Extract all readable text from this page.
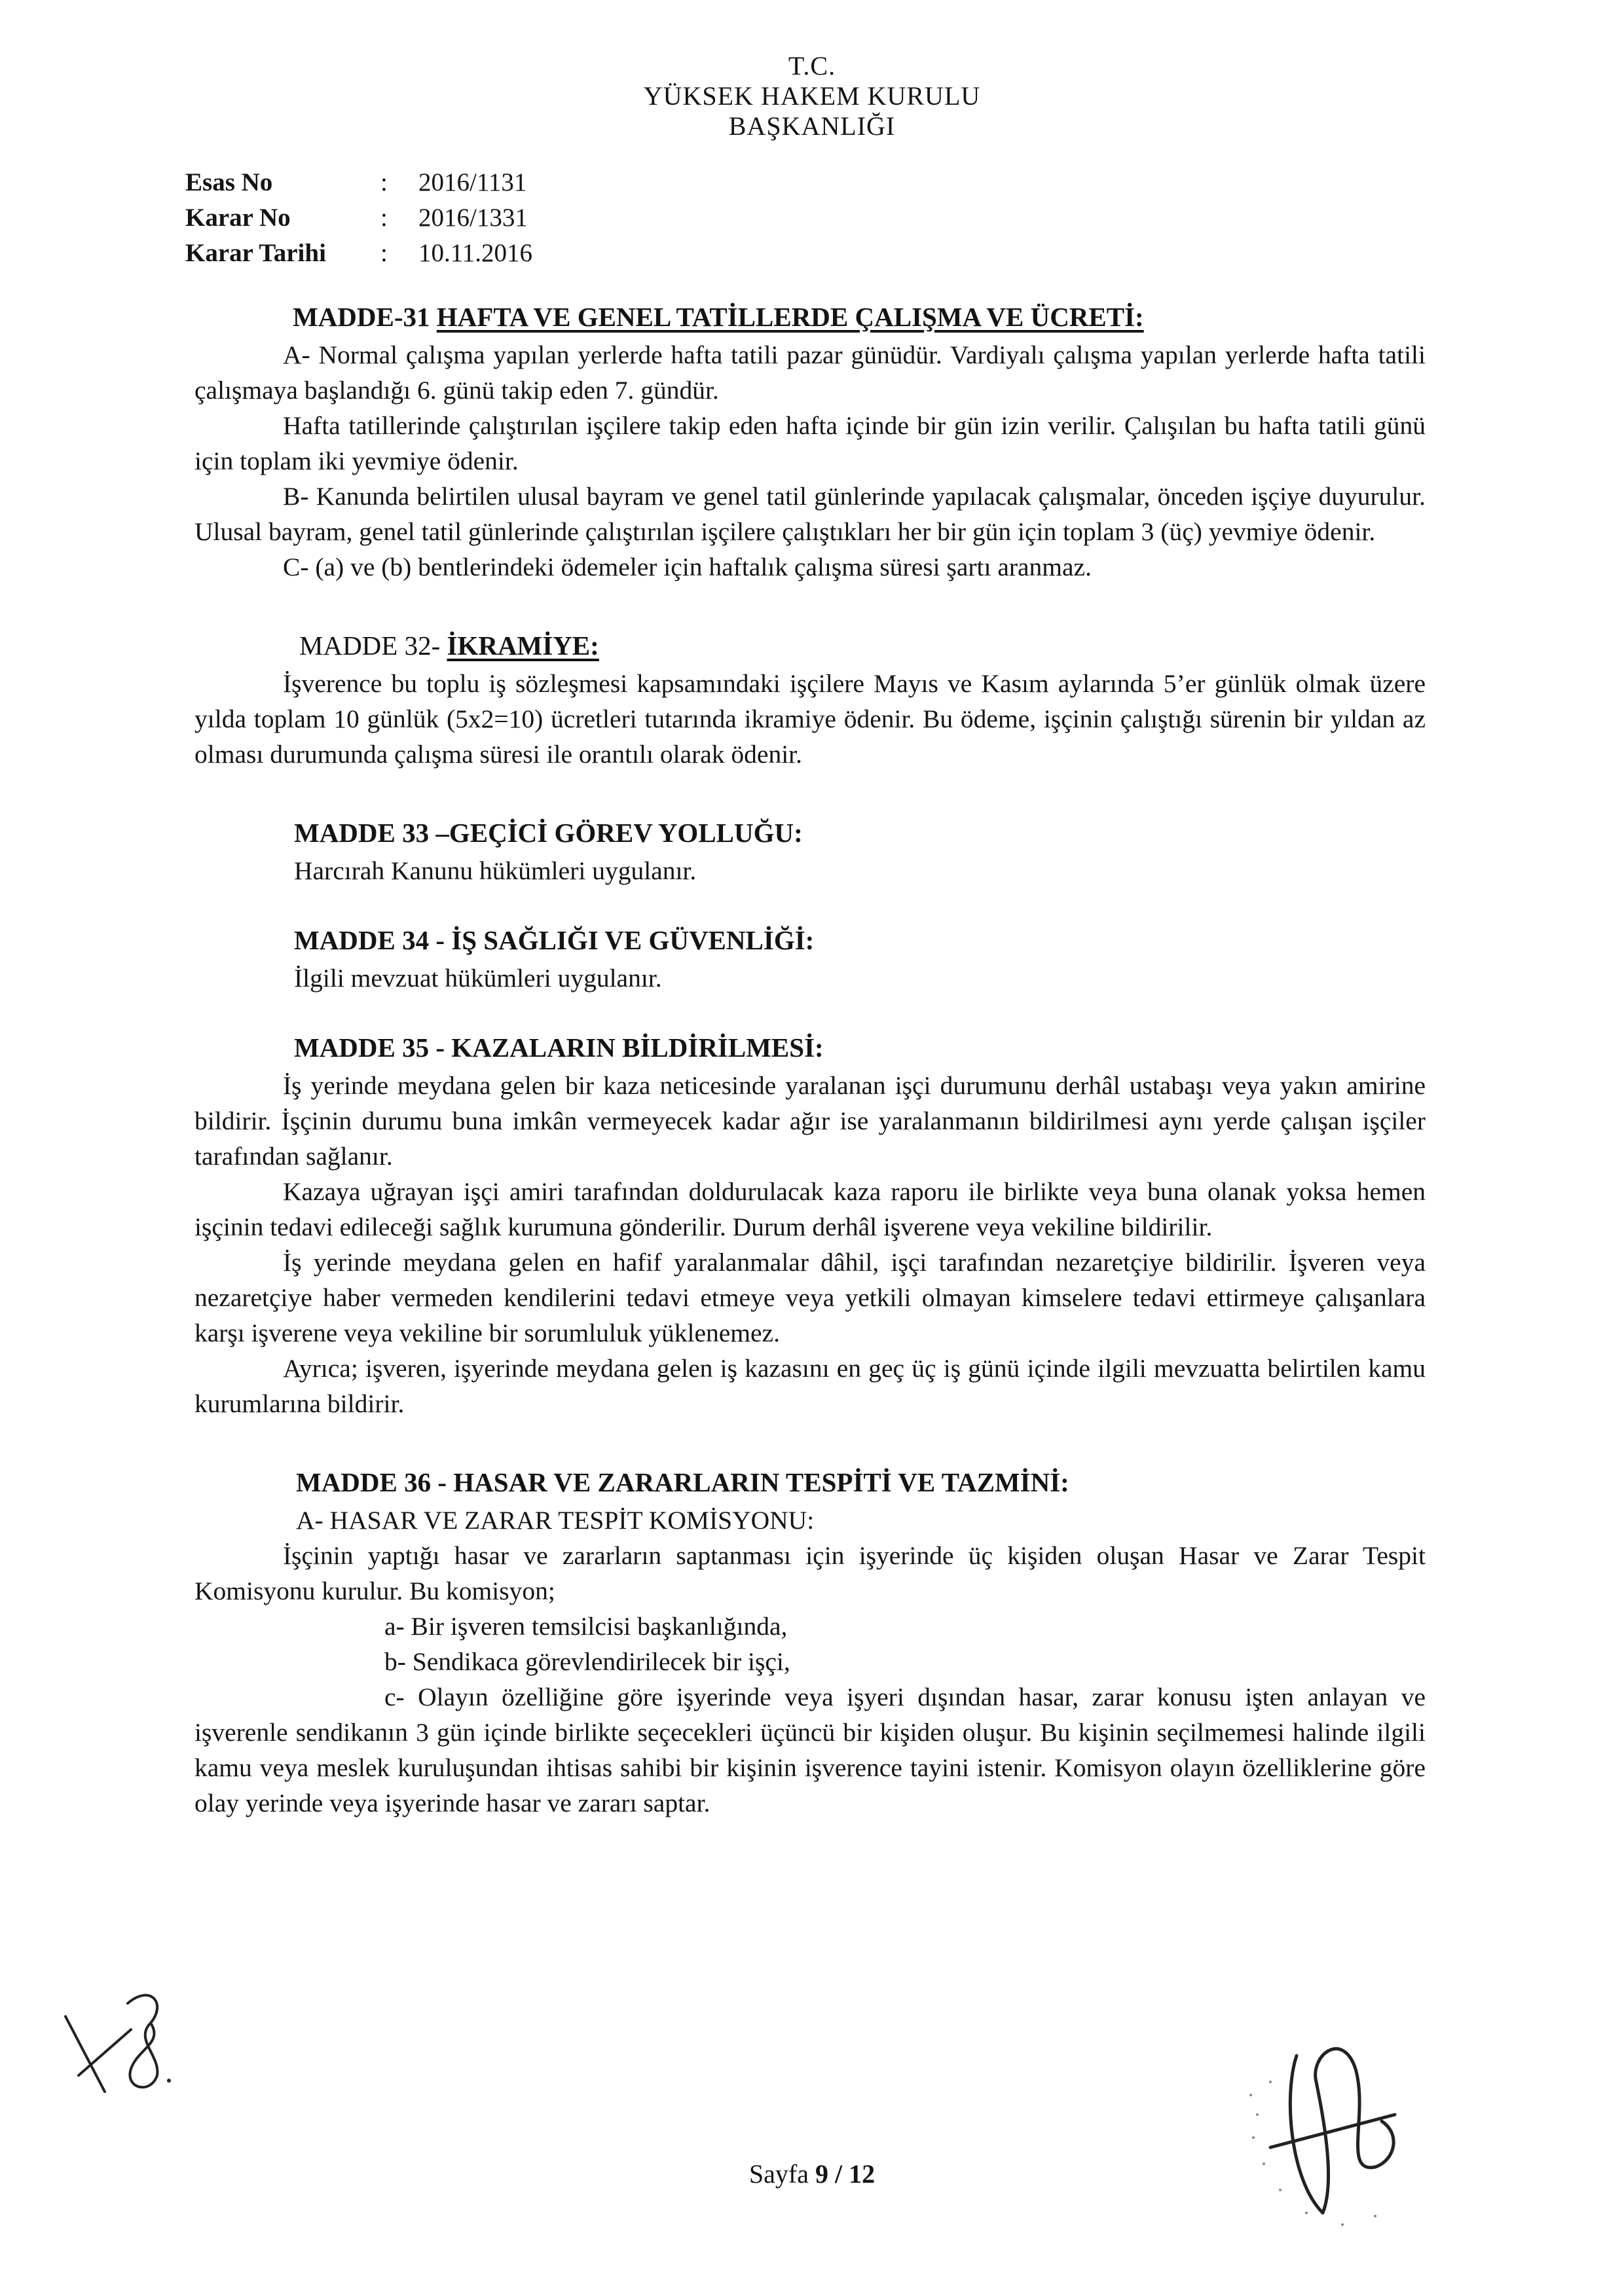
T.C.
YÜKSEK HAKEM KURULU
BAŞKANLIĞI
Esas No	:	2016/1131
Karar No	:	2016/1331
Karar Tarihi	:	10.11.2016
MADDE-31 HAFTA VE GENEL TATİLLERDE ÇALIŞMA VE ÜCRETİ:

A- Normal çalışma yapılan yerlerde hafta tatili pazar günüdür. Vardiyalı çalışma yapılan yerlerde hafta tatili çalışmaya başlandığı 6. günü takip eden 7. gündür.

Hafta tatillerinde çalıştırılan işçilere takip eden hafta içinde bir gün izin verilir. Çalışılan bu hafta tatili günü için toplam iki yevmiye ödenir.

B- Kanunda belirtilen ulusal bayram ve genel tatil günlerinde yapılacak çalışmalar, önceden işçiye duyurulur. Ulusal bayram, genel tatil günlerinde çalıştırılan işçilere çalıştıkları her bir gün için toplam 3 (üç) yevmiye ödenir.

C- (a) ve (b) bentlerindeki ödemeler için haftalık çalışma süresi şartı aranmaz.

MADDE 32- İKRAMİYE:

İşverence bu toplu iş sözleşmesi kapsamındaki işçilere Mayıs ve Kasım aylarında 5’er günlük olmak üzere yılda toplam 10 günlük (5x2=10) ücretleri tutarında ikramiye ödenir. Bu ödeme, işçinin çalıştığı sürenin bir yıldan az olması durumunda çalışma süresi ile orantılı olarak ödenir.

MADDE 33 –GEÇİCİ GÖREV YOLLUĞU:

Harcırah Kanunu hükümleri uygulanır.

MADDE 34 - İŞ SAĞLIĞI VE GÜVENLİĞİ:

İlgili mevzuat hükümleri uygulanır.

MADDE 35 - KAZALARIN BİLDİRİLMESİ:

İş yerinde meydana gelen bir kaza neticesinde yaralanan işçi durumunu derhâl ustabaşı veya yakın amirine bildirir. İşçinin durumu buna imkân vermeyecek kadar ağır ise yaralanmanın bildirilmesi aynı yerde çalışan işçiler tarafından sağlanır.

Kazaya uğrayan işçi amiri tarafından doldurulacak kaza raporu ile birlikte veya buna olanak yoksa hemen işçinin tedavi edileceği sağlık kurumuna gönderilir. Durum derhâl işverene veya vekiline bildirilir.

İş yerinde meydana gelen en hafif yaralanmalar dâhil, işçi tarafından nezaretçiye bildirilir. İşveren veya nezaretçiye haber vermeden kendilerini tedavi etmeye veya yetkili olmayan kimselere tedavi ettirmeye çalışanlara karşı işverene veya vekiline bir sorumluluk yüklenemez.

Ayrıca; işveren, işyerinde meydana gelen iş kazasını en geç üç iş günü içinde ilgili mevzuatta belirtilen kamu kurumlarına bildirir.

MADDE 36 - HASAR VE ZARARLARIN TESPİTİ VE TAZMİNİ:

A- HASAR VE ZARAR TESPİT KOMİSYONU:

İşçinin yaptığı hasar ve zararların saptanması için işyerinde üç kişiden oluşan Hasar ve Zarar Tespit Komisyonu kurulur. Bu komisyon;

a- Bir işveren temsilcisi başkanlığında,

b- Sendikaca görevlendirilecek bir işçi,

c- Olayın özelliğine göre işyerinde veya işyeri dışından hasar, zarar konusu işten anlayan ve işverenle sendikanın 3 gün içinde birlikte seçecekleri üçüncü bir kişiden oluşur. Bu kişinin seçilmemesi halinde ilgili kamu veya meslek kuruluşundan ihtisas sahibi bir kişinin işverence tayini istenir. Komisyon olayın özelliklerine göre olay yerinde veya işyerinde hasar ve zararı saptar.

Sayfa 9 / 12
